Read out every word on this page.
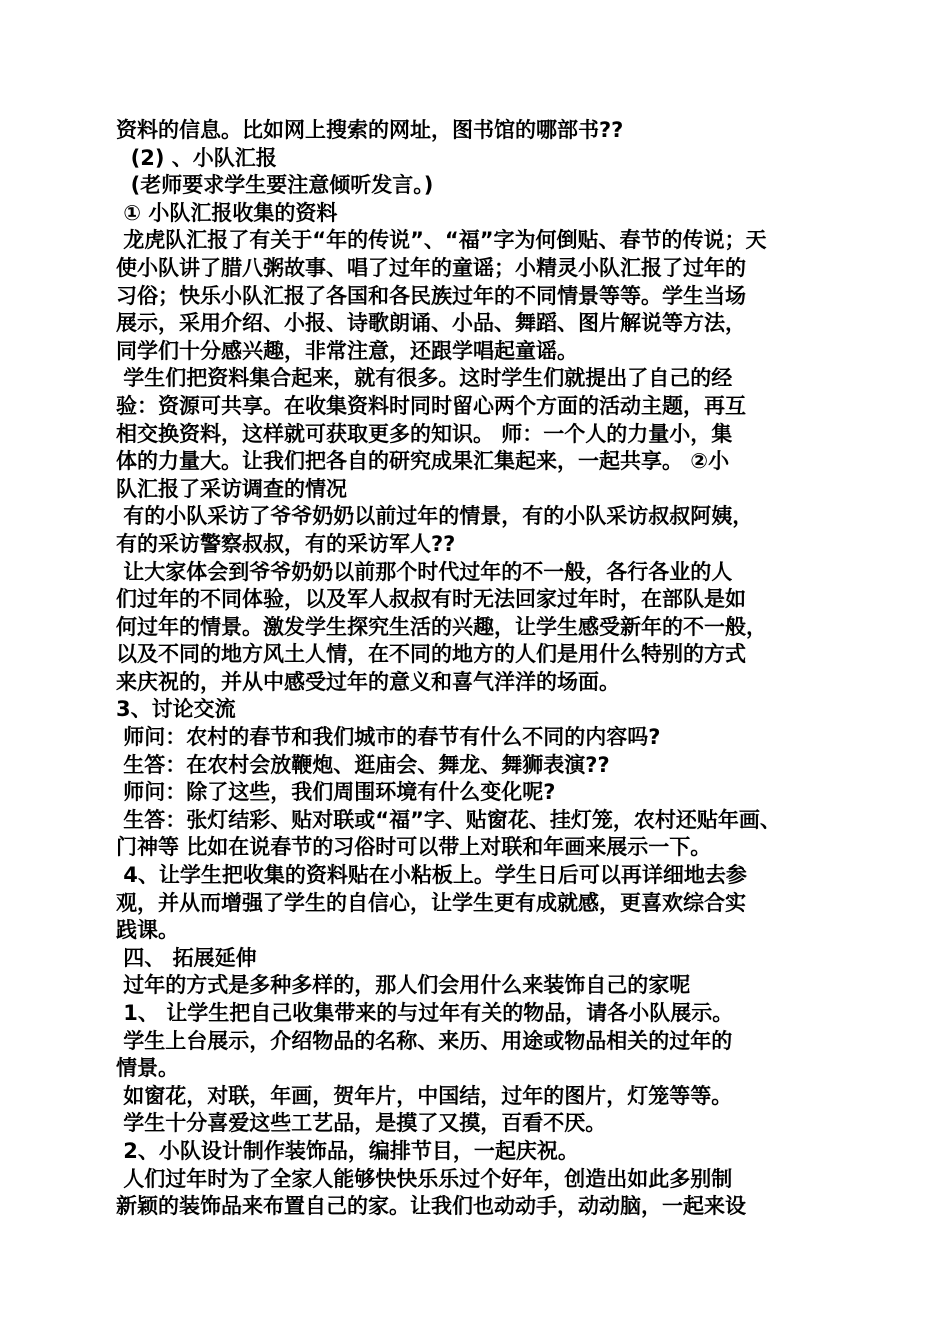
资料的信息。比如网上搜索的网址，图书馆的哪部书??
(2) 、小队汇报
(老师要求学生要注意倾听发言。)
① 小队汇报收集的资料
龙虎队汇报了有关于“年的传说”、“福”字为何倒贴、春节的传说；天
使小队讲了腊八粥故事、唱了过年的童谣；小精灵小队汇报了过年的
习俗；快乐小队汇报了各国和各民族过年的不同情景等等。学生当场
展示，采用介绍、小报、诗歌朗诵、小品、舞蹈、图片解说等方法，
同学们十分感兴趣，非常注意，还跟学唱起童谣。
学生们把资料集合起来，就有很多。这时学生们就提出了自己的经
验：资源可共享。在收集资料时同时留心两个方面的活动主题，再互
相交换资料，这样就可获取更多的知识。 师：一个人的力量小，集
体的力量大。让我们把各自的研究成果汇集起来，一起共享。 ②小
队汇报了采访调查的情况
有的小队采访了爷爷奶奶以前过年的情景，有的小队采访叔叔阿姨，
有的采访警察叔叔，有的采访军人??
让大家体会到爷爷奶奶以前那个时代过年的不一般，各行各业的人
们过年的不同体验，以及军人叔叔有时无法回家过年时，在部队是如
何过年的情景。激发学生探究生活的兴趣，让学生感受新年的不一般，
以及不同的地方风土人情，在不同的地方的人们是用什么特别的方式
来庆祝的，并从中感受过年的意义和喜气洋洋的场面。
3、讨论交流
师问：农村的春节和我们城市的春节有什么不同的内容吗?
生答：在农村会放鞭炮、逛庙会、舞龙、舞狮表演??
师问：除了这些，我们周围环境有什么变化呢?
生答：张灯结彩、贴对联或“福”字、贴窗花、挂灯笼，农村还贴年画、
门神等 比如在说春节的习俗时可以带上对联和年画来展示一下。
4、让学生把收集的资料贴在小粘板上。学生日后可以再详细地去参
观，并从而增强了学生的自信心，让学生更有成就感，更喜欢综合实
践课。
四、 拓展延伸
过年的方式是多种多样的，那人们会用什么来装饰自己的家呢
1、 让学生把自己收集带来的与过年有关的物品，请各小队展示。
学生上台展示，介绍物品的名称、来历、用途或物品相关的过年的
情景。
如窗花，对联，年画，贺年片，中国结，过年的图片，灯笼等等。
学生十分喜爱这些工艺品，是摸了又摸，百看不厌。
2、小队设计制作装饰品，编排节目，一起庆祝。
人们过年时为了全家人能够快快乐乐过个好年，创造出如此多别制
新颖的装饰品来布置自己的家。让我们也动动手，动动脑，一起来设
